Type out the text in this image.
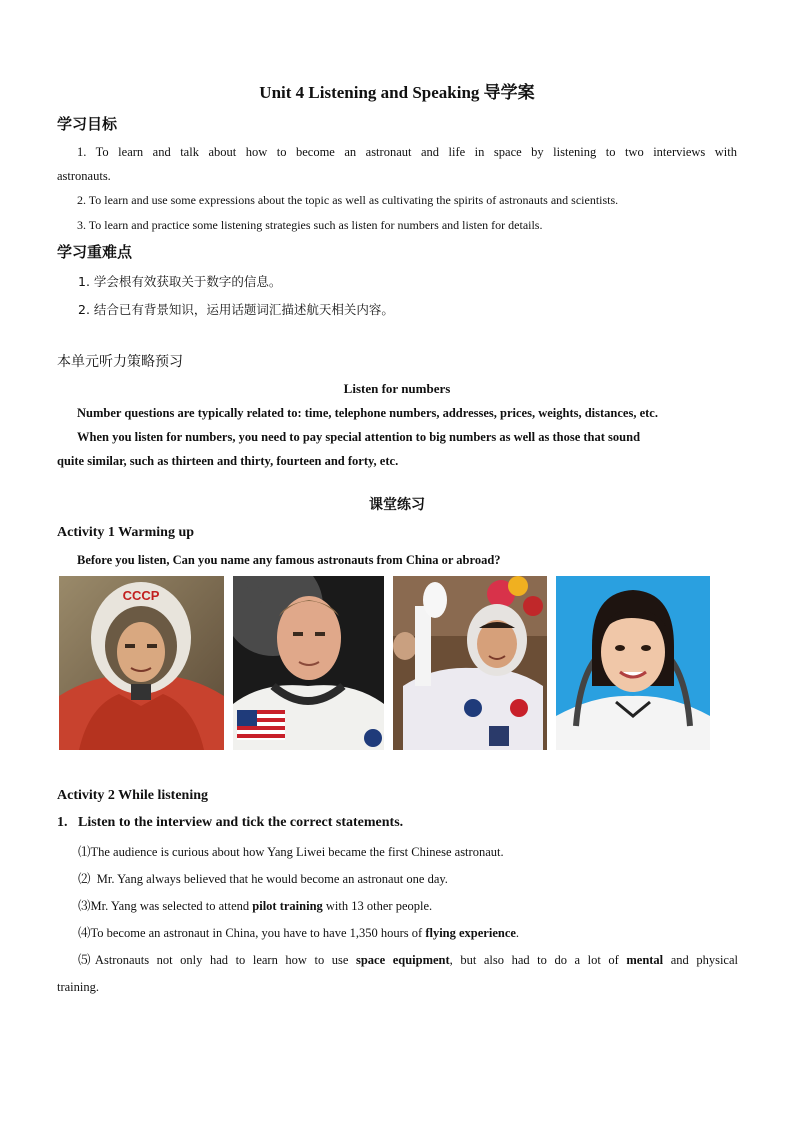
Unit 4 Listening and Speaking 导学案
学习目标
1. To learn and talk about how to become an astronaut and life in space by listening to two interviews with
astronauts.
2. To learn and use some expressions about the topic as well as cultivating the spirits of astronauts and scientists.
3. To learn and practice some listening strategies such as listen for numbers and listen for details.
学习重难点
1. 学会根有效获取关于数字的信息。
2. 结合已有背景知识，运用话题词汇描述航天相关内容。
本单元听力策略预习
Listen for numbers
Number questions are typically related to: time, telephone numbers, addresses, prices, weights, distances, etc.
When you listen for numbers, you need to pay special attention to big numbers as well as those that sound
quite similar, such as thirteen and thirty, fourteen and forty, etc.
课堂练习
Activity 1 Warming up
Before you listen, Can you name any famous astronauts from China or abroad?
CCCP
Activity 2 While listening
1.   Listen to the interview and tick the correct statements.
⑴The audience is curious about how Yang Liwei became the first Chinese astronaut.
⑵  Mr. Yang always believed that he would become an astronaut one day.
⑶Mr. Yang was selected to attend pilot training with 13 other people.
⑷To become an astronaut in China, you have to have 1,350 hours of flying experience.
⑸Astronauts not only had to learn how to use space equipment, but also had to do a lot of mental and physical
training.
